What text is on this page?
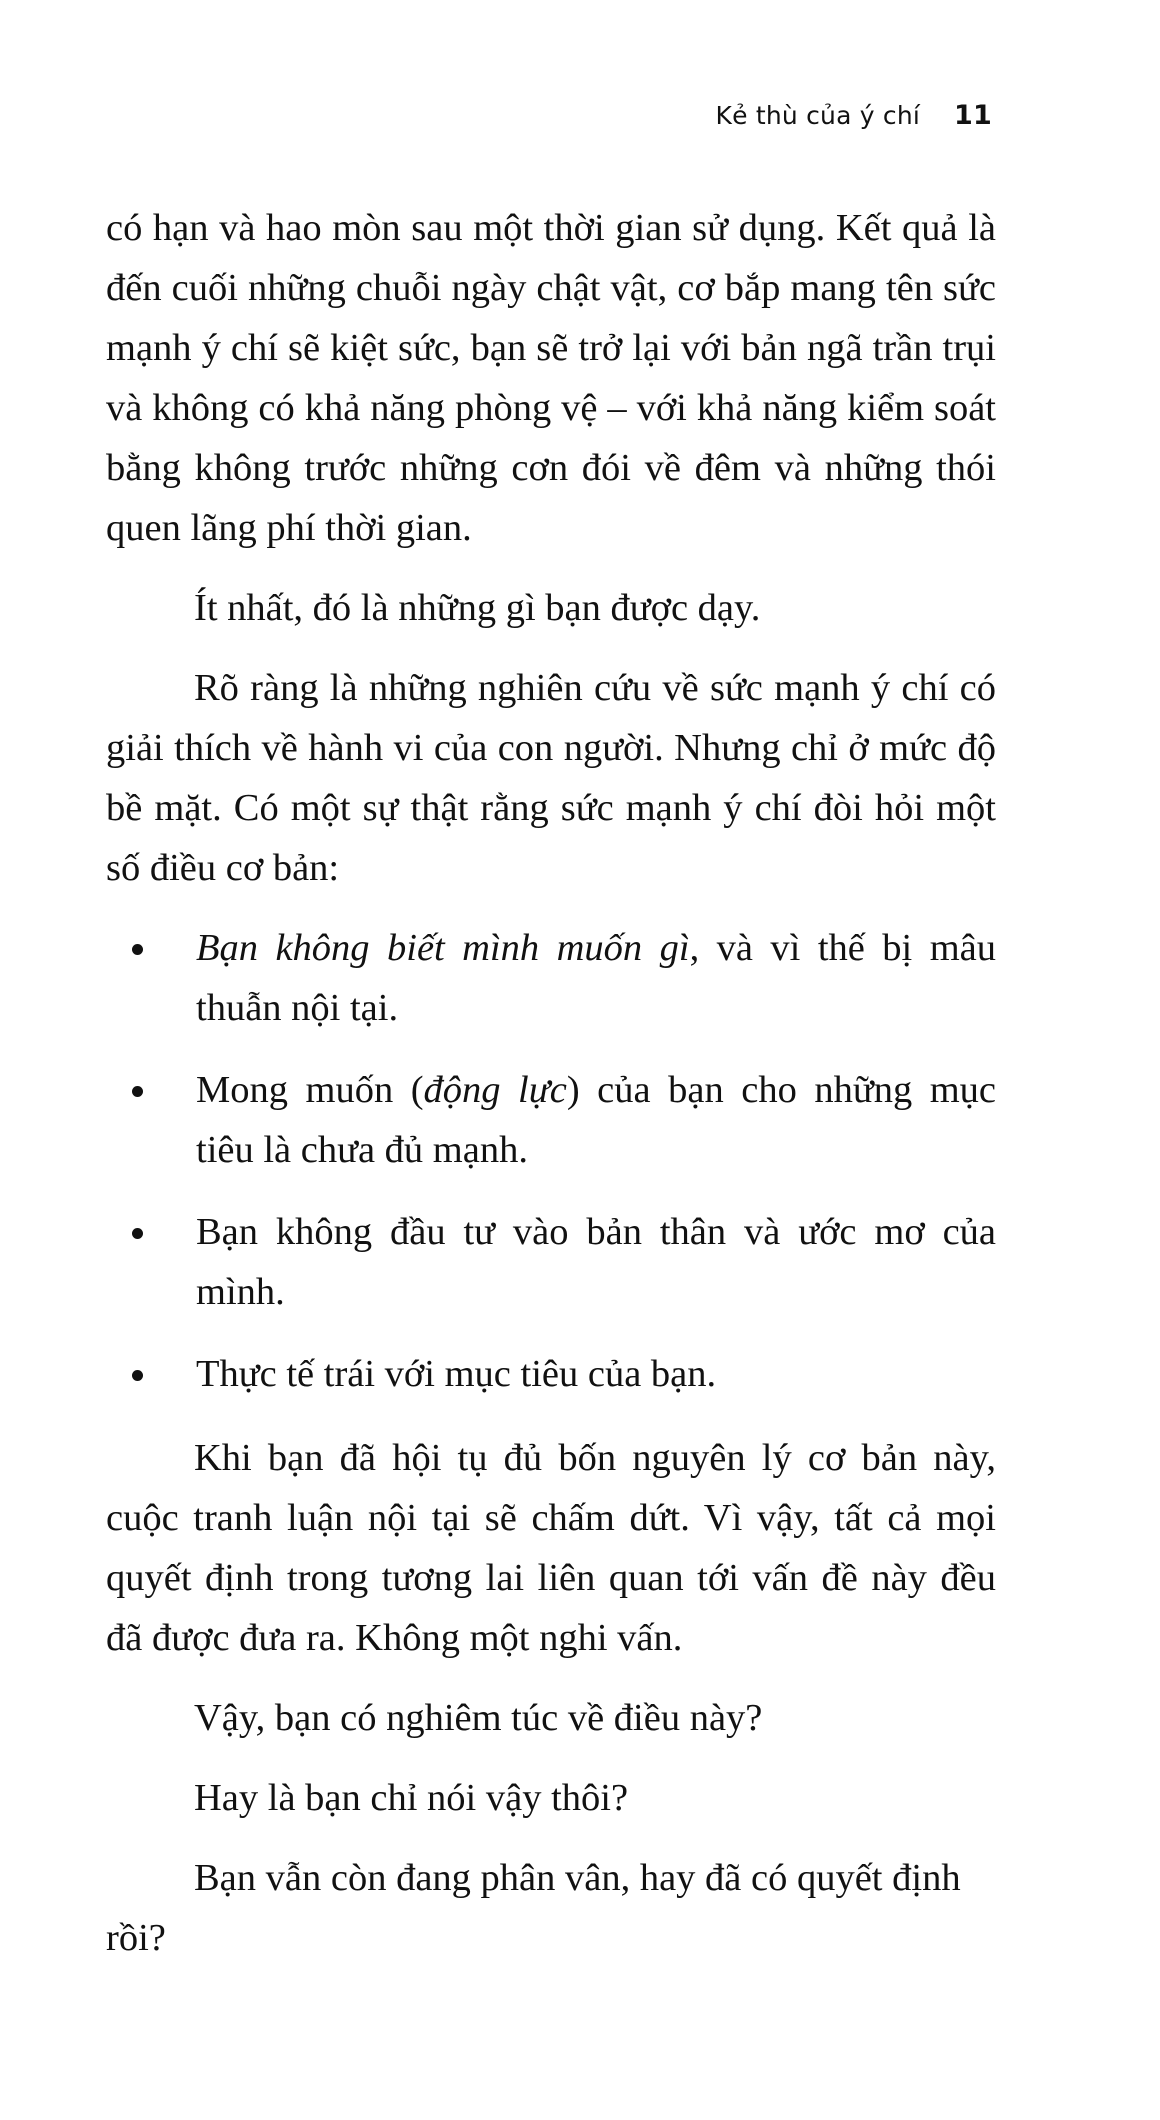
Kẻ thù của ý chí 11

có hạn và hao mòn sau một thời gian sử dụng. Kết quả là đến cuối những chuỗi ngày chật vật, cơ bắp mang tên sức mạnh ý chí sẽ kiệt sức, bạn sẽ trở lại với bản ngã trần trụi và không có khả năng phòng vệ – với khả năng kiểm soát bằng không trước những cơn đói về đêm và những thói quen lãng phí thời gian.

Ít nhất, đó là những gì bạn được dạy.

Rõ ràng là những nghiên cứu về sức mạnh ý chí có giải thích về hành vi của con người. Nhưng chỉ ở mức độ bề mặt. Có một sự thật rằng sức mạnh ý chí đòi hỏi một số điều cơ bản:

Bạn không biết mình muốn gì, và vì thế bị mâu thuẫn nội tại.
Mong muốn (động lực) của bạn cho những mục tiêu là chưa đủ mạnh.
Bạn không đầu tư vào bản thân và ước mơ của mình.
Thực tế trái với mục tiêu của bạn.

Khi bạn đã hội tụ đủ bốn nguyên lý cơ bản này, cuộc tranh luận nội tại sẽ chấm dứt. Vì vậy, tất cả mọi quyết định trong tương lai liên quan tới vấn đề này đều đã được đưa ra. Không một nghi vấn.

Vậy, bạn có nghiêm túc về điều này?

Hay là bạn chỉ nói vậy thôi?

Bạn vẫn còn đang phân vân, hay đã có quyết định rồi?
